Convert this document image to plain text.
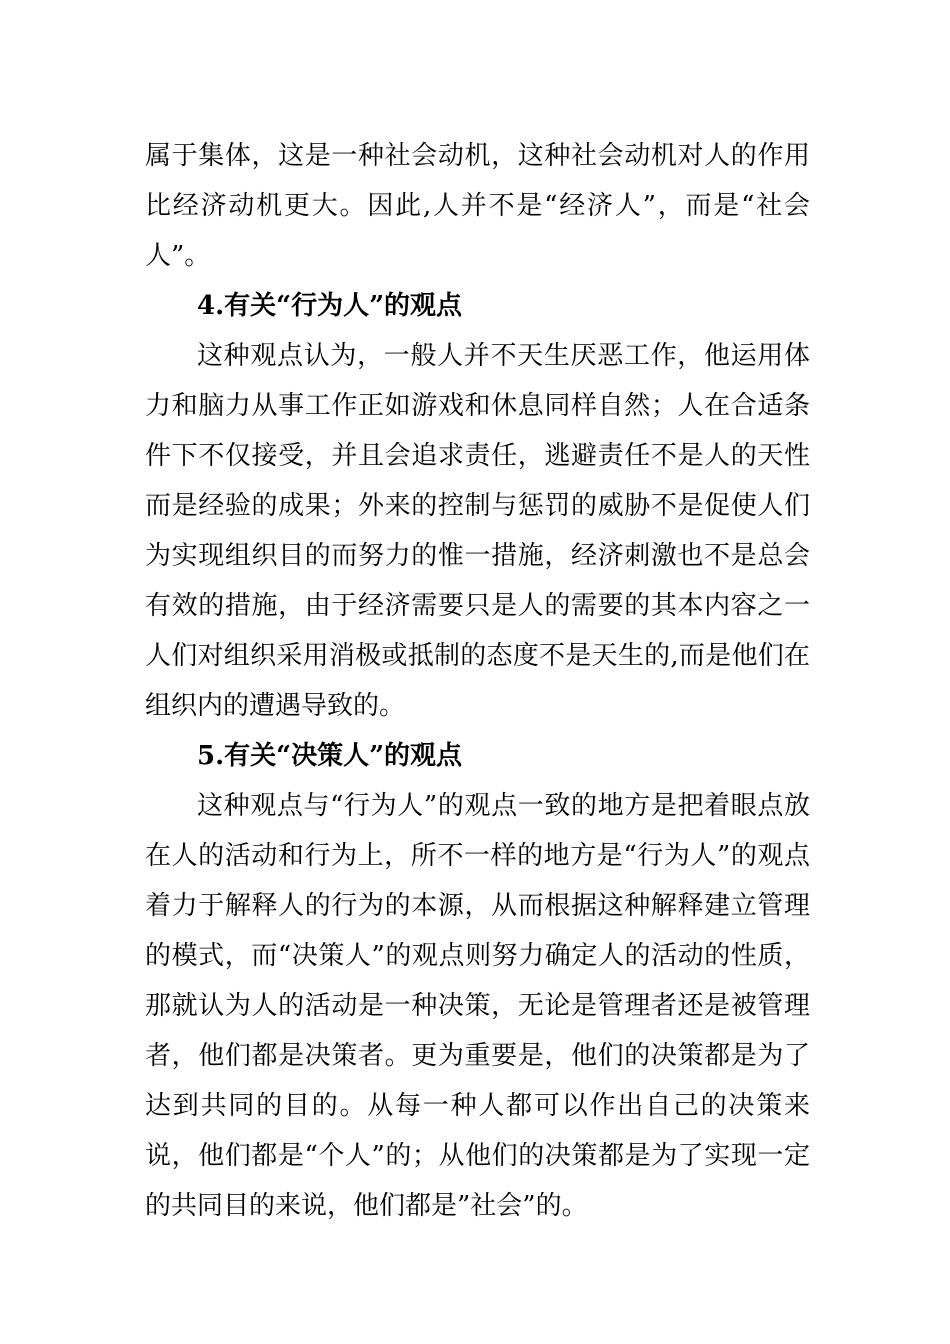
属于集体，这是一种社会动机，这种社会动机对人的作用比经济动机更大。因此,人并不是“经济人”，而是“社会人”。

4.有关“行为人”的观点

这种观点认为，一般人并不天生厌恶工作，他运用体力和脑力从事工作正如游戏和休息同样自然；人在合适条件下不仅接受，并且会追求责任，逃避责任不是人的天性而是经验的成果；外来的控制与惩罚的威胁不是促使人们为实现组织目的而努力的惟一措施，经济刺激也不是总会有效的措施，由于经济需要只是人的需要的其本内容之一人们对组织采用消极或抵制的态度不是天生的,而是他们在组织内的遭遇导致的。

5.有关“决策人”的观点

这种观点与“行为人”的观点一致的地方是把着眼点放在人的活动和行为上，所不一样的地方是“行为人”的观点着力于解释人的行为的本源，从而根据这种解释建立管理的模式，而“决策人”的观点则努力确定人的活动的性质，那就认为人的活动是一种决策，无论是管理者还是被管理者，他们都是决策者。更为重要是，他们的决策都是为了达到共同的目的。从每一种人都可以作出自己的决策来说，他们都是“个人”的；从他们的决策都是为了实现一定的共同目的来说，他们都是”社会”的。
